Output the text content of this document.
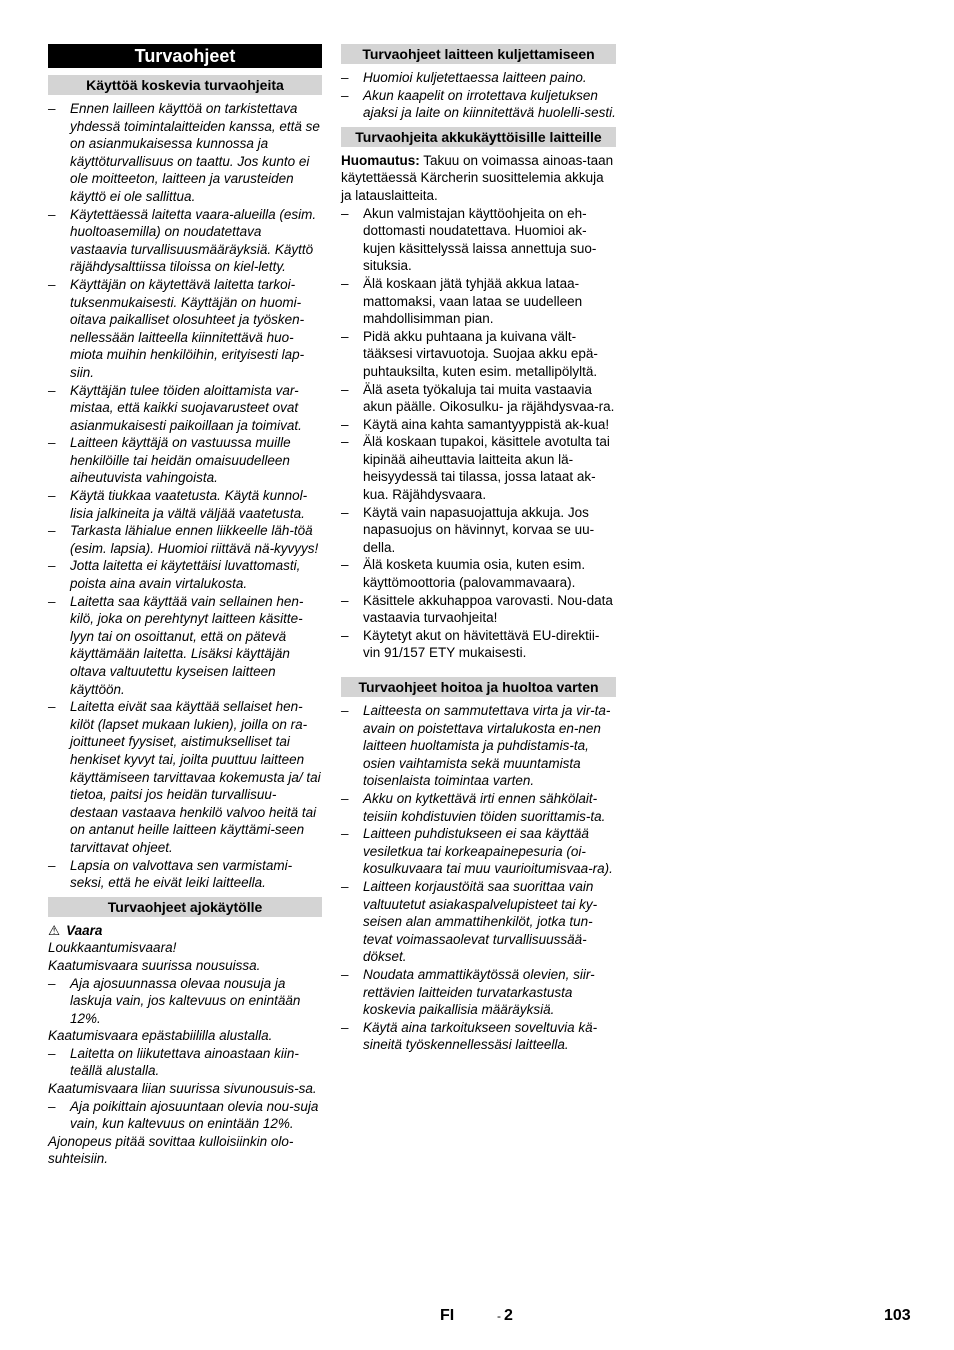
Turvaohjeet
Käyttöä koskevia turvaohjeita
– Ennen lailleen käyttöä on tarkistettava yhdessä toimintalaitteiden kanssa, että se on asianmukaisessa kunnossa ja käyttöturvallisuus on taattu. Jos kunto ei ole moitteeton, laitteen ja varusteiden käyttö ei ole sallittua.
– Käytettäessä laitetta vaara-alueilla (esim. huoltoasemilla) on noudatettava vastaavia turvallisuusmääräyksiä. Käyttö räjähdysalttiissa tiloissa on kiel-letty.
– Käyttäjän on käytettävä laitetta tarkoi-tuksenmukaisesti. Käyttäjän on huomi-oitava paikalliset olosuhteet ja työsken-nellessään laitteella kiinnitettävä huo-miota muihin henkilöihin, erityisesti lap-siin.
– Käyttäjän tulee töiden aloittamista var-mistaa, että kaikki suojavarusteet ovat asianmukaisesti paikoillaan ja toimivat.
– Laitteen käyttäjä on vastuussa muille henkilöille tai heidän omaisuudelleen aiheutuvista vahingoista.
– Käytä tiukkaa vaatetusta. Käytä kunnol-lisia jalkineita ja vältä väljää vaatetusta.
– Tarkasta lähialue ennen liikkeelle läh-töä (esim. lapsia). Huomioi riittävä nä-kyvyys!
– Jotta laitetta ei käytettäisi luvattomasti, poista aina avain virtalukosta.
– Laitetta saa käyttää vain sellainen hen-kilö, joka on perehtynyt laitteen käsitte-lyyn tai on osoittanut, että on pätevä käyttämään laitetta. Lisäksi käyttäjän oltava valtuutettu kyseisen laitteen käyttöön.
– Laitetta eivät saa käyttää sellaiset hen-kilöt (lapset mukaan lukien), joilla on ra-joittuneet fyysiset, aistimukselliset tai henkiset kyvyt tai, joilta puuttuu laitteen käyttämiseen tarvittavaa kokemusta ja/ tai tietoa, paitsi jos heidän turvallisuu-destaan vastaava henkilö valvoo heitä tai on antanut heille laitteen käyttämi-seen tarvittavat ohjeet.
– Lapsia on valvottava sen varmistami-seksi, että he eivät leiki laitteella.
Turvaohjeet ajokäytölle
⚠ Vaara

Loukkaantumisvaara!

Kaatumisvaara suurissa nousuissa.

– Aja ajosuunnassa olevaa nousuja ja laskuja vain, jos kaltevuus on enintään 12%.

Kaatumisvaara epästabiililla alustalla.

– Laitetta on liikutettava ainoastaan kiin-teällä alustalla.

Kaatumisvaara liian suurissa sivunousuis-sa.

– Aja poikittain ajosuuntaan olevia nou-suja vain, kun kaltevuus on enintään 12%.

Ajonopeus pitää sovittaa kulloisiinkin olo-suhteisiin.

Turvaohjeet laitteen kuljettamiseen
– Huomioi kuljetettaessa laitteen paino.
– Akun kaapelit on irrotettava kuljetuksen ajaksi ja laite on kiinnitettävä huolelli-sesti.
Turvaohjeita akkukäyttöisille laitteille

Huomautus: Takuu on voimassa ainoas-taan käytettäessä Kärcherin suosittelemia akkuja ja latauslaitteita.

– Akun valmistajan käyttöohjeita on eh-dottomasti noudatettava. Huomioi ak-kujen käsittelyssä laissa annettuja suo-situksia.
– Älä koskaan jätä tyhjää akkua lataa-mattomaksi, vaan lataa se uudelleen mahdollisimman pian.
– Pidä akku puhtaana ja kuivana vält-tääksesi virtavuotoja. Suojaa akku epä-puhtauksilta, kuten esim. metallipölyltä.
– Älä aseta työkaluja tai muita vastaavia akun päälle. Oikosulku- ja räjähdysvaa-ra.
– Käytä aina kahta samantyyppistä ak-kua!
– Älä koskaan tupakoi, käsittele avotulta tai kipinää aiheuttavia laitteita akun lä-heisyydessä tai tilassa, jossa lataat ak-kua. Räjähdysvaara.
– Käytä vain napasuojattuja akkuja. Jos napasuojus on hävinnyt, korvaa se uu-della.
– Älä kosketa kuumia osia, kuten esim. käyttömoottoria (palovammavaara).
– Käsittele akkuhappoa varovasti. Nou-data vastaavia turvaohjeita!
– Käytetyt akut on hävitettävä EU-direktii-vin 91/157 ETY mukaisesti.
Turvaohjeet hoitoa ja huoltoa varten
– Laitteesta on sammutettava virta ja vir-ta-avain on poistettava virtalukosta en-nen laitteen huoltamista ja puhdistamis-ta, osien vaihtamista sekä muuntamista toisenlaista toimintaa varten.
– Akku on kytkettävä irti ennen sähkölait-teisiin kohdistuvien töiden suorittamis-ta.
– Laitteen puhdistukseen ei saa käyttää vesiletkua tai korkeapainepesuria (oi-kosulkuvaara tai muu vaurioitumisvaa-ra).
– Laitteen korjaustöitä saa suorittaa vain valtuutetut asiakaspalvelupisteet tai ky-seisen alan ammattihenkilöt, jotka tun-tevat voimassaolevat turvallisuussää-dökset.
– Noudata ammattikäytössä olevien, siir-rettävien laitteiden turvatarkastusta koskevia paikallisia määräyksiä.
– Käytä aina tarkoitukseen soveltuvia kä-sineitä työskennellessäsi laitteella.
FI	- 2	103
